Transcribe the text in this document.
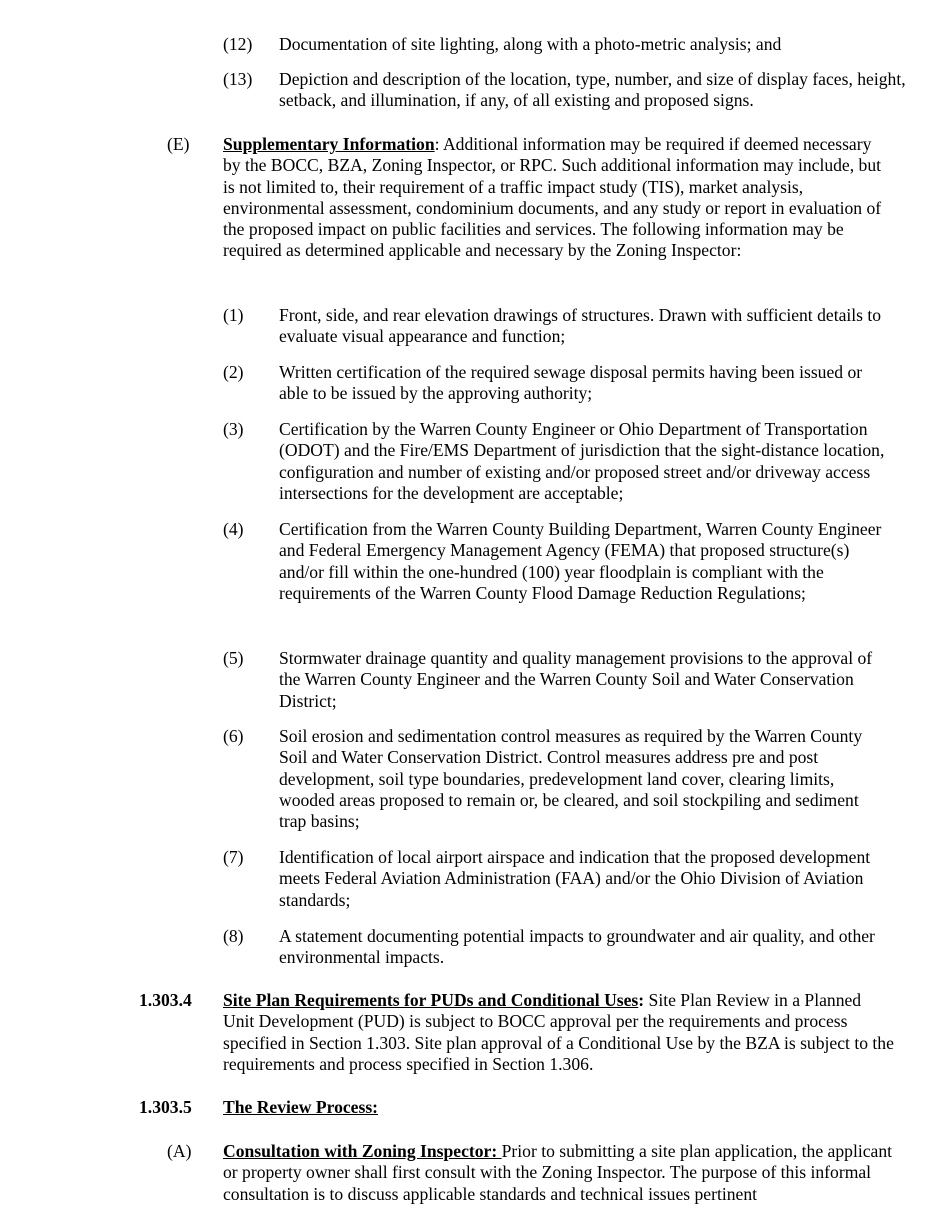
(12) Documentation of site lighting, along with a photo-metric analysis; and
(13) Depiction and description of the location, type, number, and size of display faces, height, setback, and illumination, if any, of all existing and proposed signs.
(E) Supplementary Information: Additional information may be required if deemed necessary by the BOCC, BZA, Zoning Inspector, or RPC. Such additional information may include, but is not limited to, their requirement of a traffic impact study (TIS), market analysis, environmental assessment, condominium documents, and any study or report in evaluation of the proposed impact on public facilities and services. The following information may be required as determined applicable and necessary by the Zoning Inspector:
(1) Front, side, and rear elevation drawings of structures. Drawn with sufficient details to evaluate visual appearance and function;
(2) Written certification of the required sewage disposal permits having been issued or able to be issued by the approving authority;
(3) Certification by the Warren County Engineer or Ohio Department of Transportation (ODOT) and the Fire/EMS Department of jurisdiction that the sight-distance location, configuration and number of existing and/or proposed street and/or driveway access intersections for the development are acceptable;
(4) Certification from the Warren County Building Department, Warren County Engineer and Federal Emergency Management Agency (FEMA) that proposed structure(s) and/or fill within the one-hundred (100) year floodplain is compliant with the requirements of the Warren County Flood Damage Reduction Regulations;
(5) Stormwater drainage quantity and quality management provisions to the approval of the Warren County Engineer and the Warren County Soil and Water Conservation District;
(6) Soil erosion and sedimentation control measures as required by the Warren County Soil and Water Conservation District. Control measures address pre and post development, soil type boundaries, predevelopment land cover, clearing limits, wooded areas proposed to remain or, be cleared, and soil stockpiling and sediment trap basins;
(7) Identification of local airport airspace and indication that the proposed development meets Federal Aviation Administration (FAA) and/or the Ohio Division of Aviation standards;
(8) A statement documenting potential impacts to groundwater and air quality, and other environmental impacts.
1.303.4 Site Plan Requirements for PUDs and Conditional Uses: Site Plan Review in a Planned Unit Development (PUD) is subject to BOCC approval per the requirements and process specified in Section 1.303. Site plan approval of a Conditional Use by the BZA is subject to the requirements and process specified in Section 1.306.
1.303.5 The Review Process:
(A) Consultation with Zoning Inspector: Prior to submitting a site plan application, the applicant or property owner shall first consult with the Zoning Inspector. The purpose of this informal consultation is to discuss applicable standards and technical issues pertinent
